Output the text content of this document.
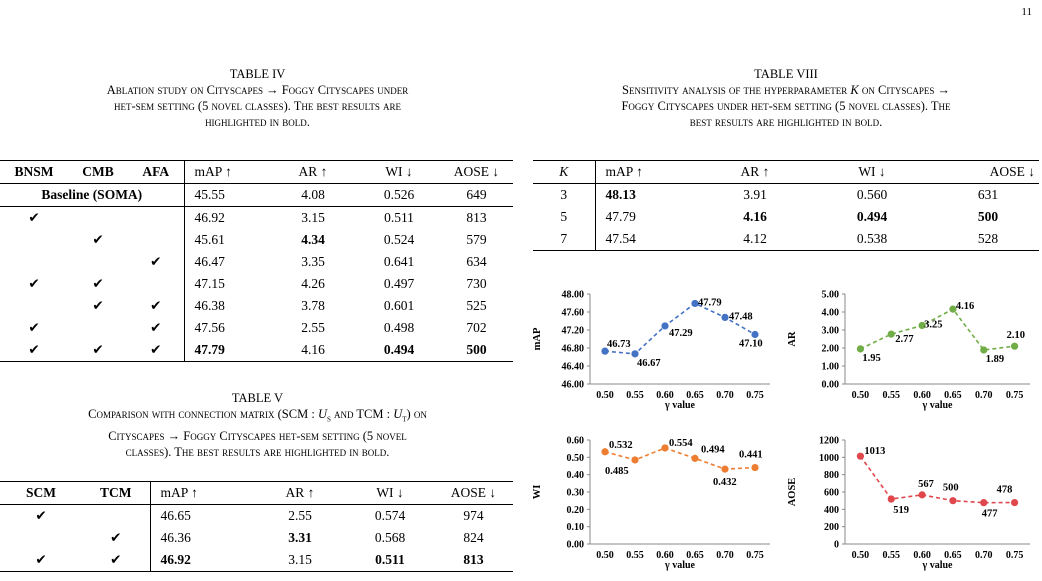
11
TABLE IV
Ablation study on Cityscapes → Foggy Cityscapes under
het-sem setting (5 novel classes). The best results are
highlighted in bold.
BNSM	CMB	AFA	mAP ↑	AR ↑	WI ↓	AOSE ↓
Baseline (SOMA)			45.55	4.08	0.526	649
✔			46.92	3.15	0.511	813
	✔		45.61	4.34	0.524	579
		✔	46.47	3.35	0.641	634
✔	✔		47.15	4.26	0.497	730
	✔	✔	46.38	3.78	0.601	525
✔		✔	47.56	2.55	0.498	702
✔	✔	✔	47.79	4.16	0.494	500
TABLE V
Comparison with connection matrix (SCM : $U_s$ and TCM : $U_t$) on
Cityscapes → Foggy Cityscapes het-sem setting (5 novel
classes). The best results are highlighted in bold.
SCM	TCM	mAP ↑	AR ↑	WI ↓	AOSE ↓
✔		46.65	2.55	0.574	974
	✔	46.36	3.31	0.568	824
✔	✔	46.92	3.15	0.511	813
TABLE VIII
Sensitivity analysis of the hyperparameter K on Cityscapes →
Foggy Cityscapes under het-sem setting (5 novel classes). The
best results are highlighted in bold.
K	mAP ↑	AR ↑	WI ↓	AOSE ↓
3	48.13	3.91	0.560	631
5	47.79	4.16	0.494	500
7	47.54	4.12	0.538	528
46.00
46.40
46.80
47.20
47.60
48.00
0.50 0.55 0.60 0.65 0.70 0.75
γ value
mAP	46.73
46.67
47.29
47.79
47.48
47.10
0.00
1.00
2.00
3.00
4.00
5.00
0.50 0.55 0.60 0.65 0.70 0.75
γ value
AR
1.95
2.77
3.25
4.16
1.89
2.10
0.00
0.10
0.20
0.30
0.40
0.50
0.60
0.50 0.55 0.60 0.65 0.70 0.75
γ value
WI
0.532
0.485
0.554
0.494
0.432
0.441
0
200
400
600
800
1000
1200
0.50 0.55 0.60 0.65 0.70 0.75
γ value
AOSE
1013
519
567 500
477
478
